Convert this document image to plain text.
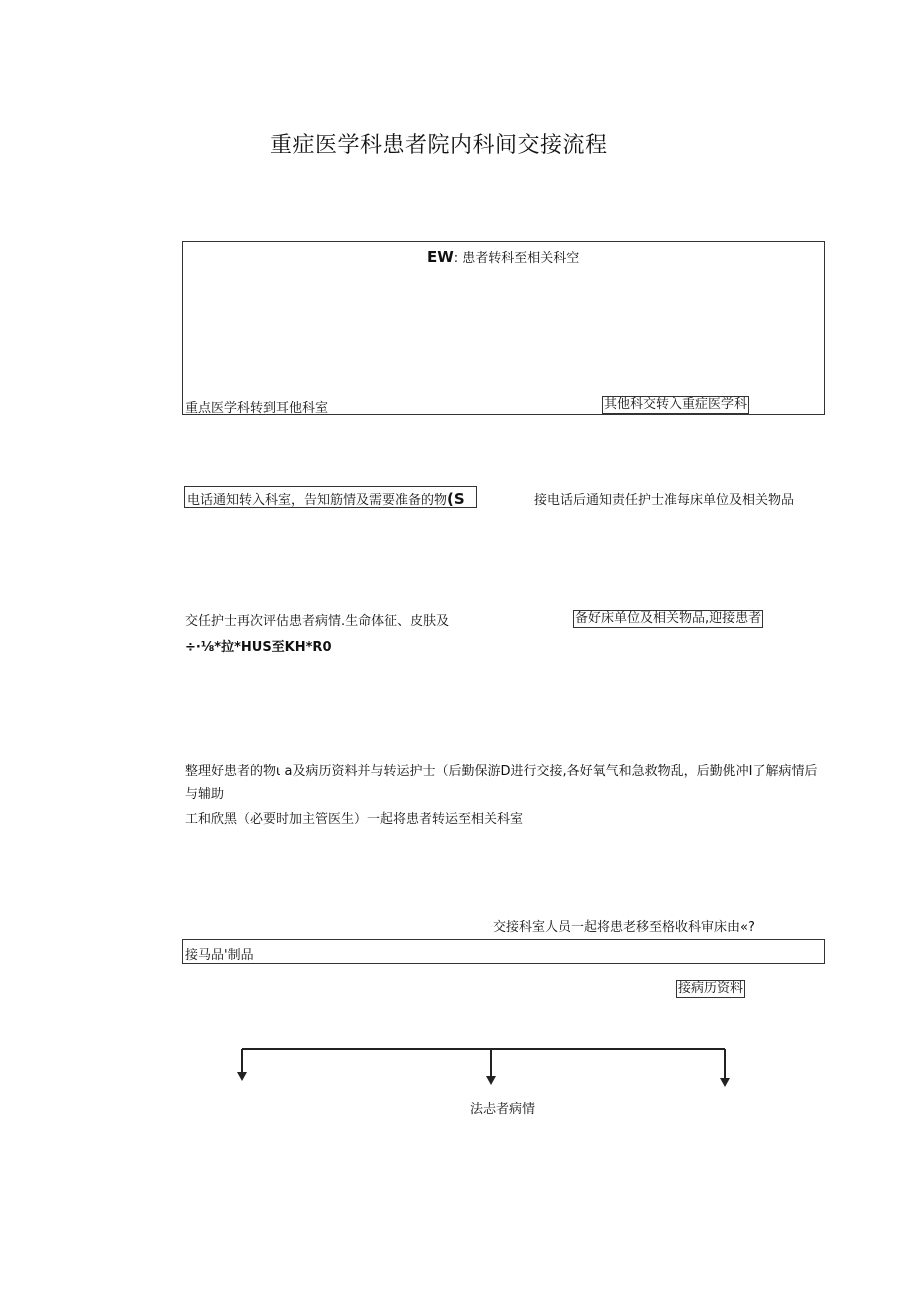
重症医学科患者院内科间交接流程
EW: 患者转科至相关科空
重点医学科转到耳他科室	其他科交转入重症医学科
电话通知转入科室，告知筋情及需要准备的物(S	接电话后通知责任护士准每床单位及相关物品
交任护士再次评估患者病情.生命体征、皮肤及
÷·⅛*拉*HUS至KH*R0
备好床单位及相关物品,迎接患者
整理好患者的物ι a及病历资料并与转运护士（后勤保游D进行交接,各好氧气和急救物乱，后勤佻冲I了解病情后
与辅助
工和欣黑（必要时加主管医生）一起将患者转运至相关科室
交接科室人员一起将患老移至格收科审床由«?
接马品'制品
接病历资料
法忐者病情
